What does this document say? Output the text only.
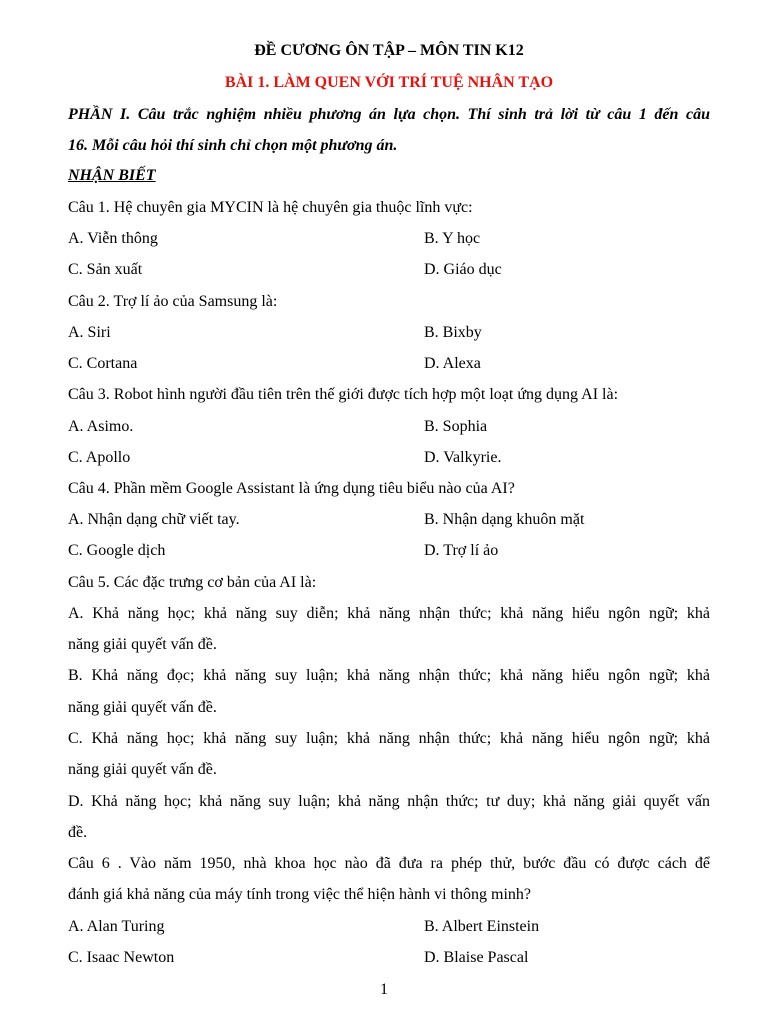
ĐỀ CƯƠNG ÔN TẬP – MÔN TIN K12
BÀI 1. LÀM QUEN VỚI TRÍ TUỆ NHÂN TẠO
PHẦN I. Câu trắc nghiệm nhiều phương án lựa chọn. Thí sinh trả lời từ câu 1 đến câu
16. Mỗi câu hỏi thí sinh chỉ chọn một phương án.
NHẬN BIẾT
Câu 1. Hệ chuyên gia MYCIN là hệ chuyên gia thuộc lĩnh vực:
A. Viễn thông	B. Y học
C. Sản xuất	D. Giáo dục
Câu 2. Trợ lí ảo của Samsung là:
A. Siri	B. Bixby
C. Cortana	D. Alexa
Câu 3. Robot hình người đầu tiên trên thế giới được tích hợp một loạt ứng dụng AI là:
A. Asimo.	B. Sophia
C. Apollo	D. Valkyrie.
Câu 4. Phần mềm Google Assistant là ứng dụng tiêu biểu nào của AI?
A. Nhận dạng chữ viết tay.	B. Nhận dạng khuôn mặt
C. Google dịch	D. Trợ lí ảo
Câu 5. Các đặc trưng cơ bản của AI là:
A. Khả năng học; khả năng suy diễn; khả năng nhận thức; khả năng hiểu ngôn ngữ; khả
năng giải quyết vấn đề.
B. Khả năng đọc; khả năng suy luận; khả năng nhận thức; khả năng hiểu ngôn ngữ; khả
năng giải quyết vấn đề.
C. Khả năng học; khả năng suy luận; khả năng nhận thức; khả năng hiểu ngôn ngữ; khả
năng giải quyết vấn đề.
D. Khả năng học; khả năng suy luận; khả năng nhận thức; tư duy; khả năng giải quyết vấn
đề.
Câu 6 . Vào năm 1950, nhà khoa học nào đã đưa ra phép thử, bước đầu có được cách để
đánh giá khả năng của máy tính trong việc thể hiện hành vi thông minh?
A. Alan Turing	B. Albert Einstein
C. Isaac Newton	D. Blaise Pascal
1
